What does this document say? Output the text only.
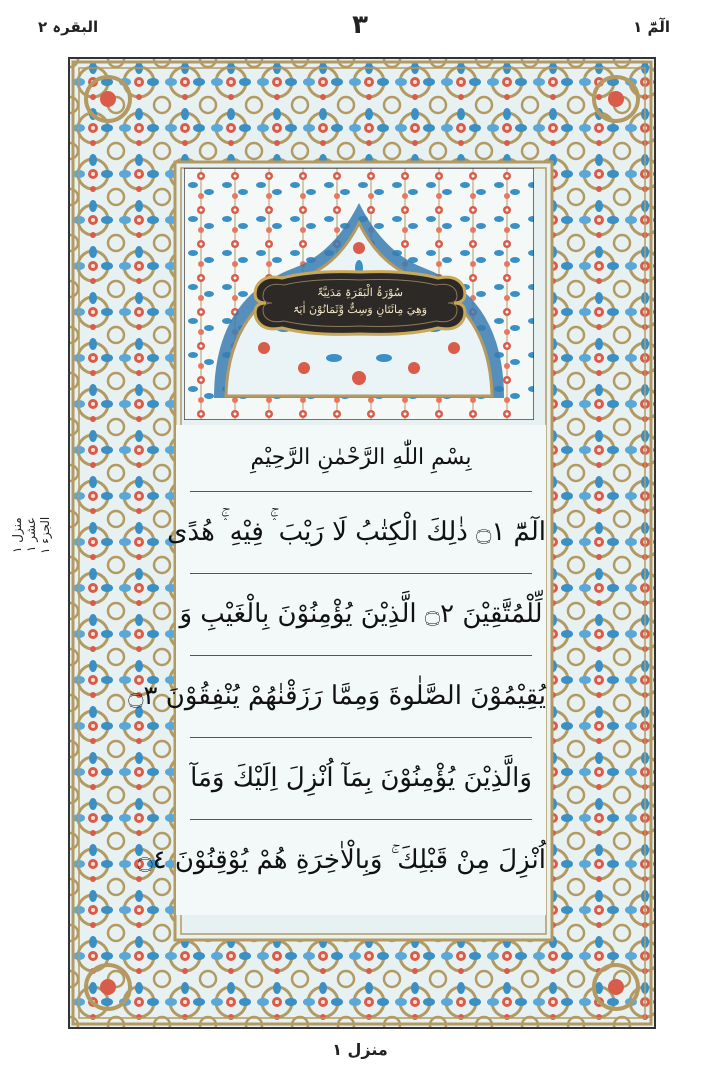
البقرہ ۲	٣	الٓمّٓ ١
منزل ١
عشر ١
الجزء ١
سُوْرَۃُ الْبَقَرَۃِ مَدَنِيَّۃٌ
وَهِيَ مِائَتَانِ وَسِتٌّ وَّثَمَانُوْنَ اٰيَۃً
بِسْمِ اللّٰهِ الرَّحْمٰنِ الرَّحِيْمِ
الٓمّٓ ۝١ ذٰلِكَ الْكِتٰبُ لَا رَيْبَ ۛۚ فِيْهِ ۛۚ هُدًى
لِّلْمُتَّقِيْنَ ۝٢ الَّذِيْنَ يُؤْمِنُوْنَ بِالْغَيْبِ وَ
يُقِيْمُوْنَ الصَّلٰوةَ وَمِمَّا رَزَقْنٰهُمْ يُنْفِقُوْنَ ۝٣
وَالَّذِيْنَ يُؤْمِنُوْنَ بِمَآ اُنْزِلَ اِلَيْكَ وَمَآ
اُنْزِلَ مِنْ قَبْلِكَ ۚ وَبِالْاٰخِرَةِ هُمْ يُوْقِنُوْنَ ۝٤
منزل ١
